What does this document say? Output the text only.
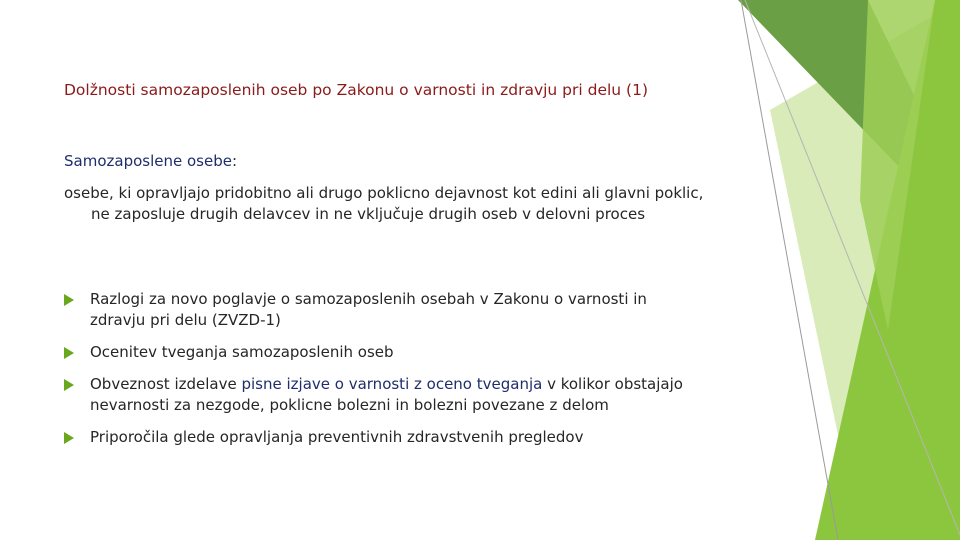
Dolžnosti samozaposlenih oseb po Zakonu o varnosti in zdravju pri delu (1)
Samozaposlene osebe:

osebe, ki opravljajo pridobitno ali drugo poklicno dejavnost kot edini ali glavni poklic, ne zaposluje drugih delavcev in ne vključuje drugih oseb v delovni proces

Razlogi za novo poglavje o samozaposlenih osebah v Zakonu o varnosti in zdravju pri delu (ZVZD-1)
Ocenitev tveganja samozaposlenih oseb
Obveznost izdelave pisne izjave o varnosti z oceno tveganja v kolikor obstajajo nevarnosti za nezgode, poklicne bolezni in bolezni povezane z delom
Priporočila glede opravljanja preventivnih zdravstvenih pregledov
